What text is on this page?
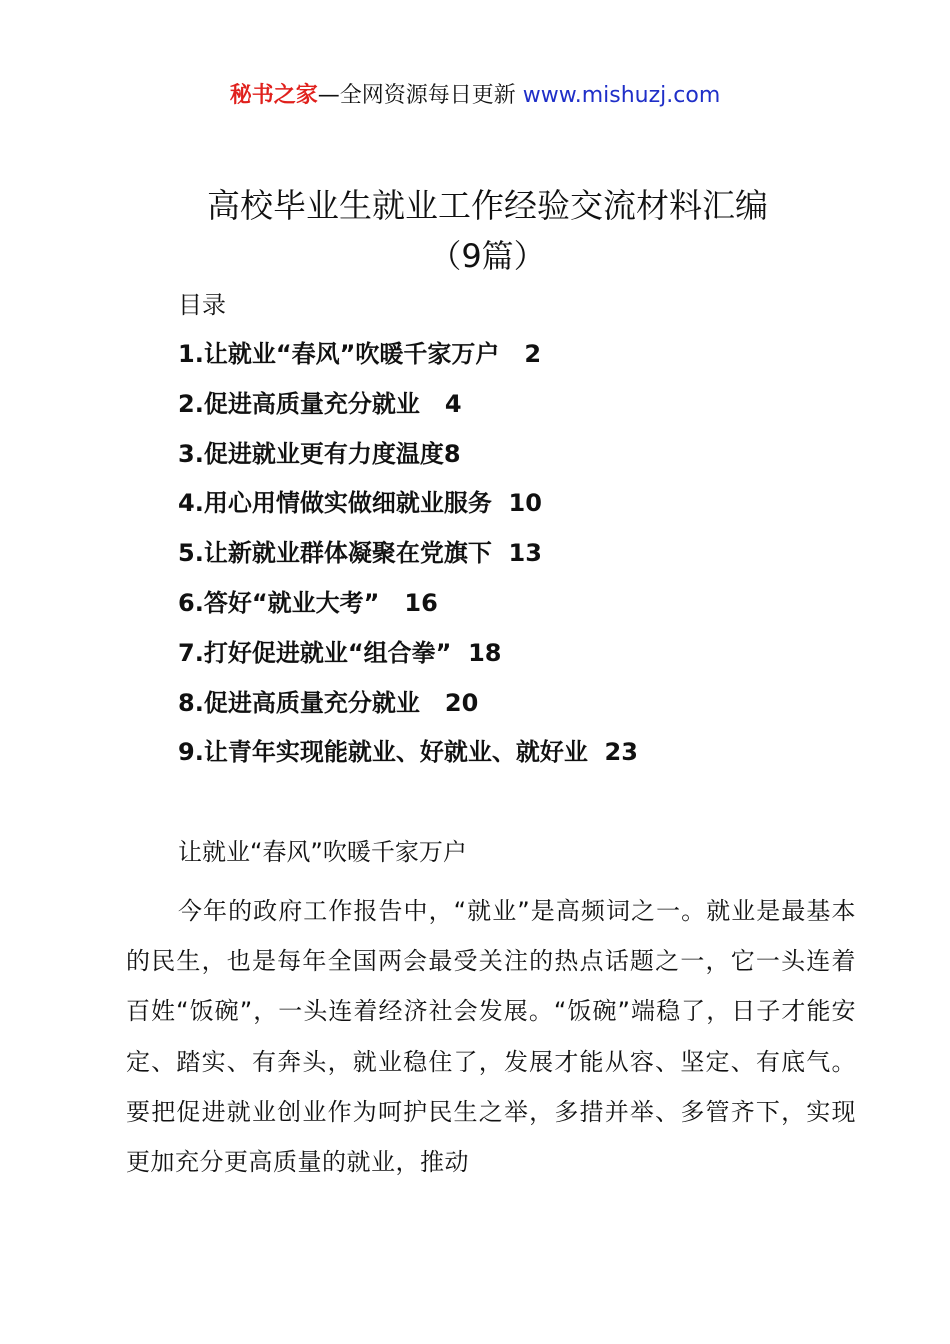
秘书之家—全网资源每日更新 www.mishuzj.com
高校毕业生就业工作经验交流材料汇编
（9篇）
目录
1.让就业“春风”吹暖千家万户   2
2.促进高质量充分就业   4
3.促进就业更有力度温度8
4.用心用情做实做细就业服务  10
5.让新就业群体凝聚在党旗下  13
6.答好“就业大考”   16
7.打好促进就业“组合拳”  18
8.促进高质量充分就业   20
9.让青年实现能就业、好就业、就好业  23

让就业“春风”吹暖千家万户

今年的政府工作报告中，“就业”是高频词之一。就业是最基本的民生，也是每年全国两会最受关注的热点话题之一，它一头连着百姓“饭碗”，一头连着经济社会发展。“饭碗”端稳了，日子才能安定、踏实、有奔头，就业稳住了，发展才能从容、坚定、有底气。要把促进就业创业作为呵护民生之举，多措并举、多管齐下，实现更加充分更高质量的就业，推动
